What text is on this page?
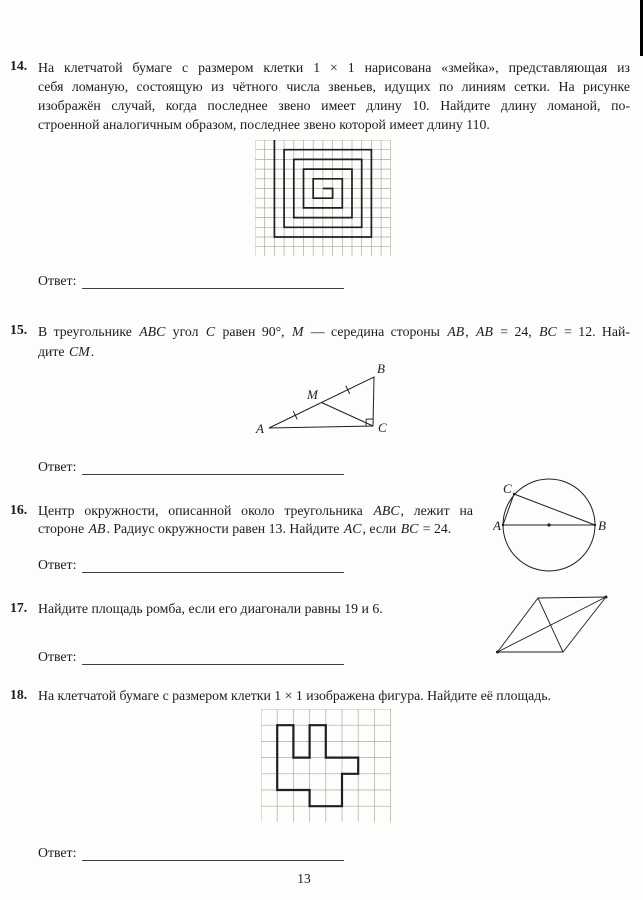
14. На клетчатой бумаге с размером клетки 1 × 1 нарисована «змейка», представляющая из
себя ломаную, состоящую из чётного числа звеньев, идущих по линиям сетки. На рисунке
изображён случай, когда последнее звено имеет длину 10. Найдите длину ломаной, по-
строенной аналогичным образом, последнее звено которой имеет длину 110.
Ответ:
15. В треугольнике ABC угол C равен 90°, M — середина стороны AB, AB = 24, BC = 12. Най-
дите CM.
A
B
C
M
Ответ:
16. Центр окружности, описанной около треугольника ABC, лежит на
стороне AB. Радиус окружности равен 13. Найдите AC, если BC = 24.	A
C
B
Ответ:
17. Найдите площадь ромба, если его диагонали равны 19 и 6.
Ответ:
18. На клетчатой бумаге с размером клетки 1 × 1 изображена фигура. Найдите её площадь.
Ответ:
13
